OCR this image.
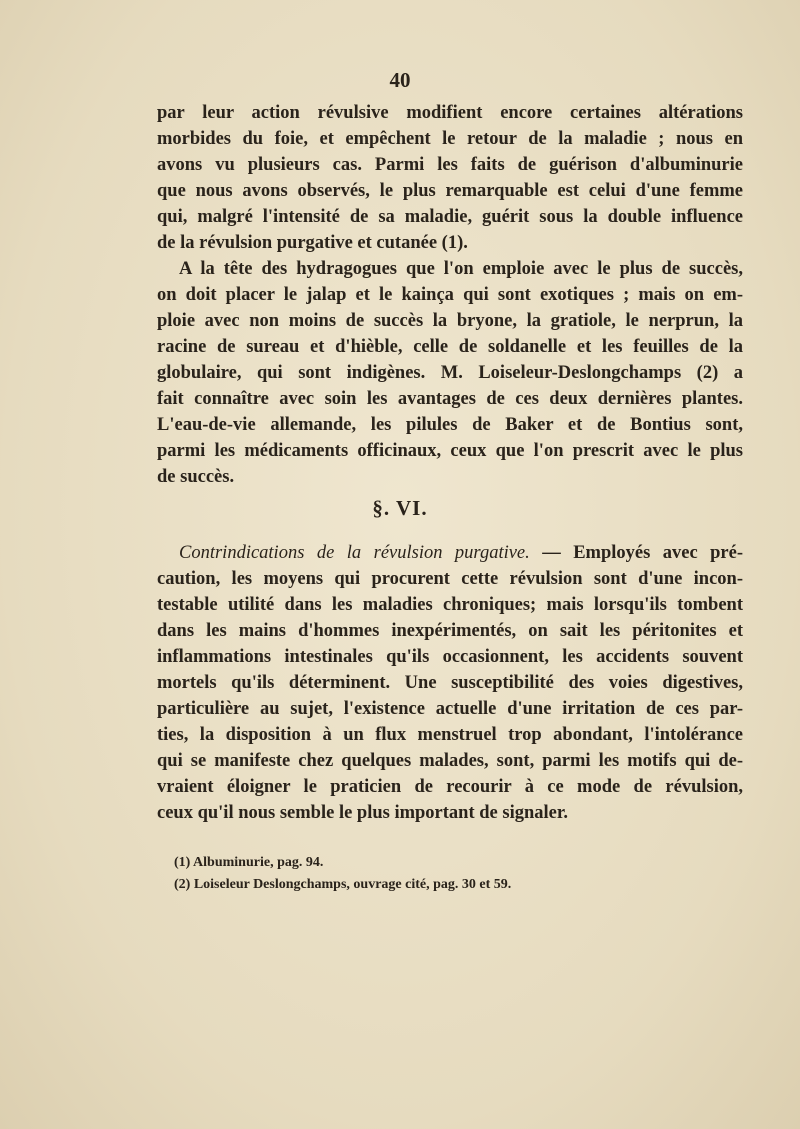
40
par leur action révulsive modifient encore certaines altérations
morbides du foie, et empêchent le retour de la maladie ; nous en
avons vu plusieurs cas. Parmi les faits de guérison d'albuminurie
que nous avons observés, le plus remarquable est celui d'une femme
qui, malgré l'intensité de sa maladie, guérit sous la double influence
de la révulsion purgative et cutanée (1).
A la tête des hydragogues que l'on emploie avec le plus de succès,
on doit placer le jalap et le kainça qui sont exotiques ; mais on em-
ploie avec non moins de succès la bryone, la gratiole, le nerprun, la
racine de sureau et d'hièble, celle de soldanelle et les feuilles de la
globulaire, qui sont indigènes. M. Loiseleur-Deslongchamps (2) a
fait connaître avec soin les avantages de ces deux dernières plantes.
L'eau-de-vie allemande, les pilules de Baker et de Bontius sont,
parmi les médicaments officinaux, ceux que l'on prescrit avec le plus
de succès.
§. VI.
Contrindications de la révulsion purgative. — Employés avec pré-
caution, les moyens qui procurent cette révulsion sont d'une incon-
testable utilité dans les maladies chroniques; mais lorsqu'ils tombent
dans les mains d'hommes inexpérimentés, on sait les péritonites et
inflammations intestinales qu'ils occasionnent, les accidents souvent
mortels qu'ils déterminent. Une susceptibilité des voies digestives,
particulière au sujet, l'existence actuelle d'une irritation de ces par-
ties, la disposition à un flux menstruel trop abondant, l'intolérance
qui se manifeste chez quelques malades, sont, parmi les motifs qui de-
vraient éloigner le praticien de recourir à ce mode de révulsion,
ceux qu'il nous semble le plus important de signaler.
(1) Albuminurie, pag. 94.
(2) Loiseleur Deslongchamps, ouvrage cité, pag. 30 et 59.
